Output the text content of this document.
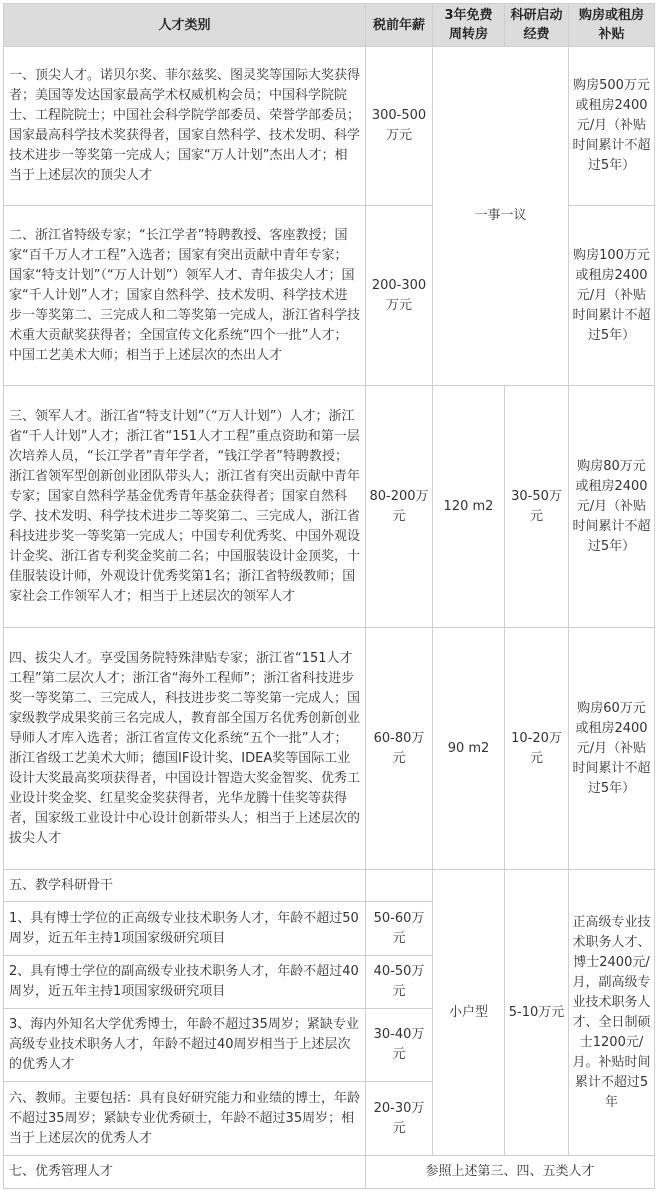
人才类别	税前年薪	3年免费周转房	科研启动经费	购房或租房补贴
一、顶尖人才。诺贝尔奖、菲尔兹奖、图灵奖等国际大奖获得者；美国等发达国家最高学术权威机构会员；中国科学院院士、工程院院士；中国社会科学院学部委员、荣誉学部委员；国家最高科学技术奖获得者，国家自然科学、技术发明、科学技术进步一等奖第一完成人；国家“万人计划”杰出人才；相当于上述层次的顶尖人才	300-500万元	一事一议		购房500万元或租房2400元/月（补贴时间累计不超过5年）
二、浙江省特级专家；“长江学者”特聘教授、客座教授；国家“百千万人才工程”入选者；国家有突出贡献中青年专家；国家“特支计划”（“万人计划”）领军人才、青年拔尖人才；国家“千人计划”人才；国家自然科学、技术发明、科学技术进步一等奖第二、三完成人和二等奖第一完成人，浙江省科学技术重大贡献奖获得者；全国宣传文化系统“四个一批”人才；中国工艺美术大师；相当于上述层次的杰出人才	200-300万元			购房100万元或租房2400元/月（补贴时间累计不超过5年）
三、领军人才。浙江省“特支计划”（“万人计划”）人才；浙江省“千人计划”人才；浙江省“151人才工程”重点资助和第一层次培养人员，“长江学者”青年学者，“钱江学者”特聘教授；浙江省领军型创新创业团队带头人；浙江省有突出贡献中青年专家；国家自然科学基金优秀青年基金获得者；国家自然科学、技术发明、科学技术进步二等奖第二、三完成人，浙江省科技进步奖一等奖第一完成人；中国专利优秀奖、中国外观设计金奖、浙江省专利奖金奖前二名；中国服装设计金顶奖，十佳服装设计师，外观设计优秀奖第1名；浙江省特级教师；国家社会工作领军人才；相当于上述层次的领军人才	80-200万元	120 m2	30-50万元	购房80万元或租房2400元/月（补贴时间累计不超过5年）
四、拔尖人才。享受国务院特殊津贴专家；浙江省“151人才工程”第二层次人才；浙江省“海外工程师”；浙江省科技进步奖一等奖第二、三完成人，科技进步奖二等奖第一完成人；国家级教学成果奖前三名完成人，教育部全国万名优秀创新创业导师人才库入选者；浙江省宣传文化系统“五个一批”人才；浙江省级工艺美术大师；德国IF设计奖、IDEA奖等国际工业设计大奖最高奖项获得者，中国设计智造大奖金智奖、优秀工业设计奖金奖、红星奖金奖获得者，光华龙腾十佳奖等获得者，国家级工业设计中心设计创新带头人；相当于上述层次的拔尖人才	60-80万元	90 m2	10-20万元	购房60万元或租房2400元/月（补贴时间累计不超过5年）
五、教学科研骨干		小户型	5-10万元	正高级专业技术职务人才、博士2400元/月，副高级专业技术职务人才、全日制硕士1200元/月。补贴时间累计不超过5年
1、具有博士学位的正高级专业技术职务人才，年龄不超过50周岁，近五年主持1项国家级研究项目	50-60万元			
2、具有博士学位的副高级专业技术职务人才，年龄不超过40周岁，近五年主持1项国家级研究项目	40-50万元			
3、海内外知名大学优秀博士，年龄不超过35周岁；紧缺专业高级专业技术职务人才，年龄不超过40周岁相当于上述层次的优秀人才	30-40万元			
六、教师。主要包括：具有良好研究能力和业绩的博士，年龄不超过35周岁；紧缺专业优秀硕士，年龄不超过35周岁；相当于上述层次的优秀人才	20-30万元			
七、优秀管理人才	参照上述第三、四、五类人才			
